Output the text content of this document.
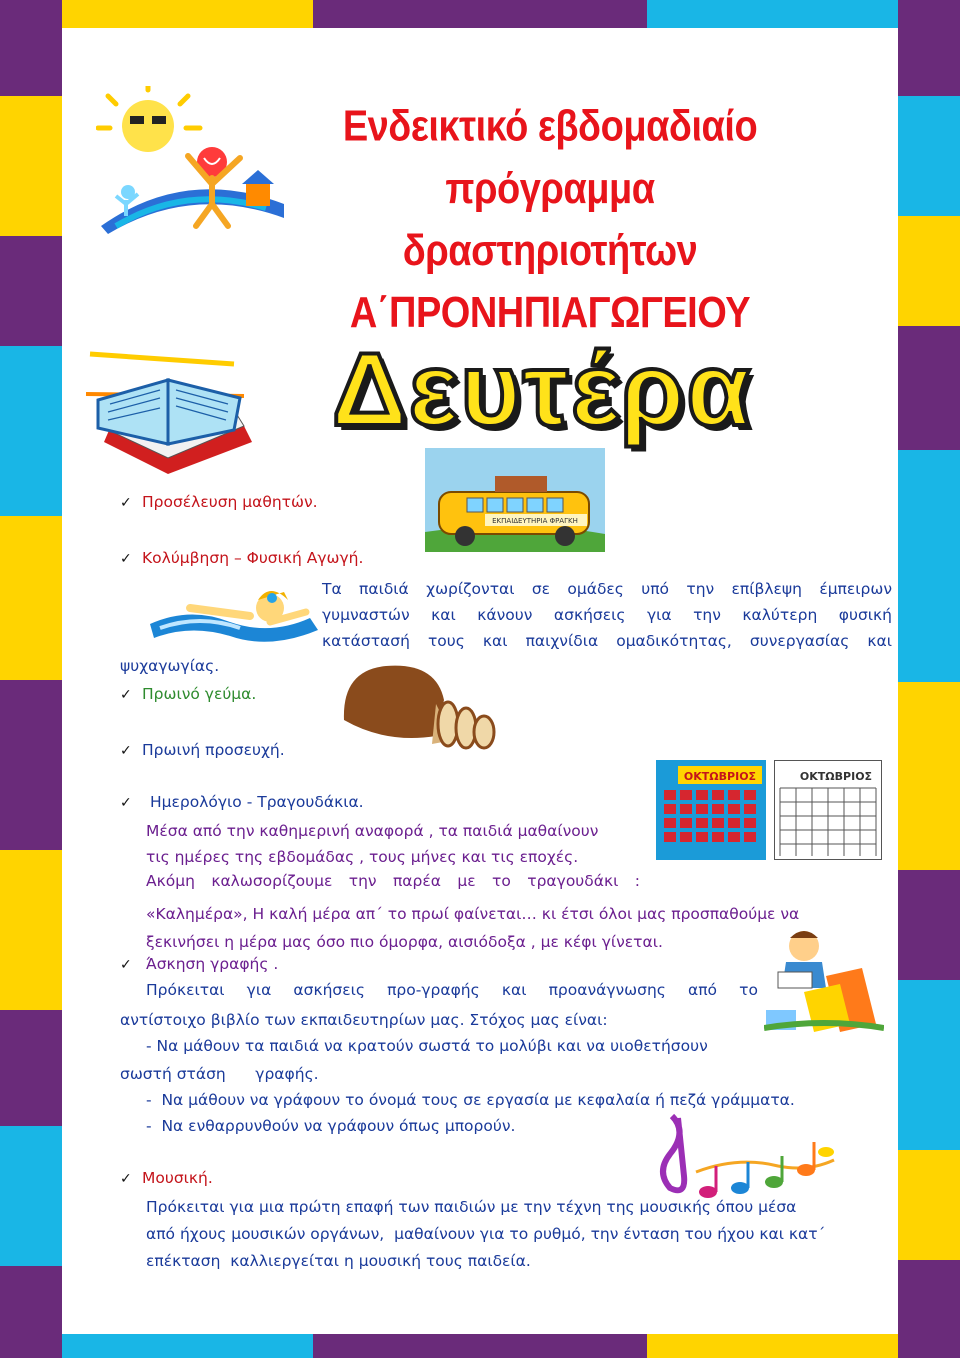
Ενδεικτικό εβδομαδιαίο πρόγραμμα
δραστηριοτήτων
Α΄ΠΡΟΝΗΠΙΑΓΩΓΕΙΟΥ
Δευτέρα
ΕΚΠΑΙΔΕΥΤΗΡΙΑ ΦΡΑΓΚΗ
ΟΚΤΩΒΡΙΟΣ	ΟΚΤΩΒΡΙΟΣ
✓ Προσέλευση μαθητών.
✓ Κολύμβηση – Φυσική Αγωγή.
Τα παιδιά χωρίζονται σε ομάδες υπό την επίβλεψη έμπειρων
γυμναστών και κάνουν ασκήσεις για την καλύτερη φυσική
κατάστασή τους και παιχνίδια ομαδικότητας, συνεργασίας και
ψυχαγωγίας.
✓ Πρωινό γεύμα.
✓ Πρωινή προσευχή.
✓ Ημερολόγιο - Τραγουδάκια.
Μέσα από την καθημερινή αναφορά , τα παιδιά μαθαίνουν
τις ημέρες της εβδομάδας , τους μήνες και τις εποχές.
Ακόμη καλωσορίζουμε την παρέα με το τραγουδάκι :
«Καλημέρα», Η καλή μέρα απ΄ το πρωί φαίνεται… κι έτσι όλοι μας προσπαθούμε να
ξεκινήσει η μέρα μας όσο πιο όμορφα, αισιόδοξα , με κέφι γίνεται.
✓ Άσκηση γραφής .
Πρόκειται για ασκήσεις προ-γραφής και προανάγνωσης από το
αντίστοιχο βιβλίο των εκπαιδευτηρίων μας. Στόχος μας είναι:
- Να μάθουν τα παιδιά να κρατούν σωστά το μολύβι και να υιοθετήσουν
σωστή στάση      γραφής.
-  Να μάθουν να γράφουν το όνομά τους σε εργασία με κεφαλαία ή πεζά γράμματα.
-  Να ενθαρρυνθούν να γράφουν όπως μπορούν.
✓ Μουσική.
Πρόκειται για μια πρώτη επαφή των παιδιών με την τέχνη της μουσικής όπου μέσα
από ήχους μουσικών οργάνων,  μαθαίνουν για το ρυθμό, την ένταση του ήχου και κατ΄
επέκταση  καλλιεργείται η μουσική τους παιδεία.
